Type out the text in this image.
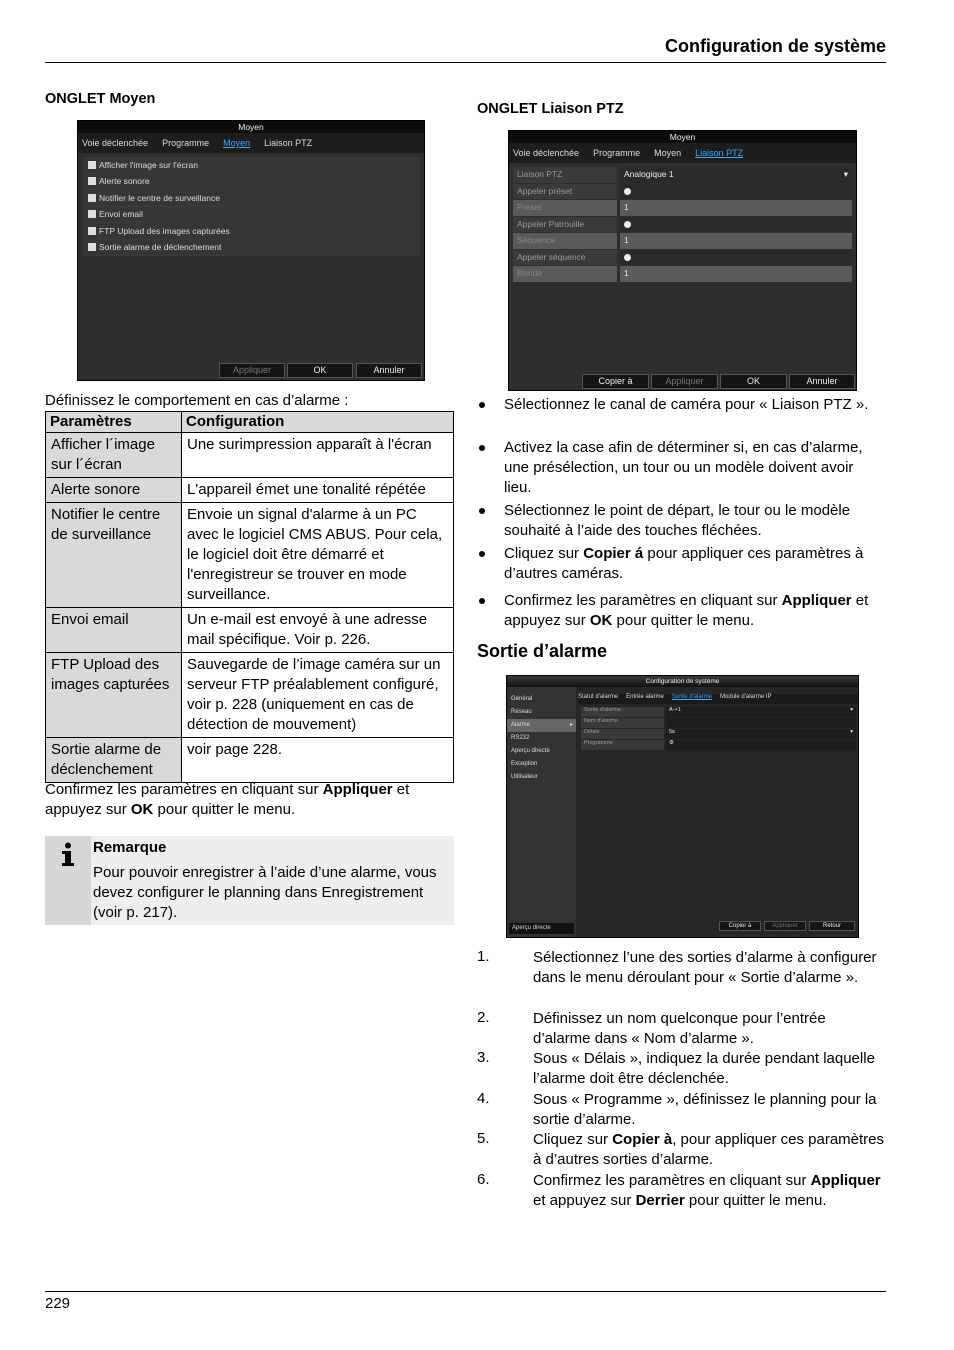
Configuration de système
ONGLET Moyen
Moyen
Voie déclenchée Programme Moyen Liaison PTZ
Afficher l'image sur l'écran
Alerte sonore
Notifier le centre de surveillance
Envoi email
FTP Upload des images capturées
Sortie alarme de déclenchement
Appliquer	OK	Annuler

Définissez le comportement en cas d’alarme :

Paramètres	Configuration
Afficher l´image sur l´écran	Une surimpression apparaît à l'écran
Alerte sonore	L'appareil émet une tonalité répétée
Notifier le centre de surveillance	Envoie un signal d'alarme à un PC avec le logiciel CMS ABUS. Pour cela, le logiciel doit être démarré et l'enregistreur se trouver en mode surveillance.
Envoi email	Un e-mail est envoyé à une adresse mail spécifique. Voir p. 226.
FTP Upload des images capturées	Sauvegarde de l’image caméra sur un serveur FTP préalablement configuré, voir p. 228 (uniquement en cas de détection de mouvement)
Sortie alarme de déclenchement	voir page 228.

Confirmez les paramètres en cliquant sur Appliquer et appuyez sur OK pour quitter le menu.

Remarque

Pour pouvoir enregistrer à l’aide d’une alarme, vous devez configurer le planning dans Enregistrement (voir p. 217).

ONGLET Liaison PTZ
Moyen
Voie déclenchée Programme Moyen Liaison PTZ
Liaison PTZ	Analogique 1	▾
Appeler préset
Préset	1
Appeler Patrouille
Séquence	1
Appeler séquence
Ronde	1
Copier à	Appliquer	OK	Annuler

Sélectionnez le canal de caméra pour « Liaison PTZ ».

Activez la case afin de déterminer si, en cas d’alarme, une présélection, un tour ou un modèle doivent avoir lieu.

Sélectionnez le point de départ, le tour ou le modèle souhaité à l’aide des touches fléchées.

Cliquez sur Copier á pour appliquer ces paramètres à d’autres caméras.

Confirmez les paramètres en cliquant sur Appliquer et appuyez sur OK pour quitter le menu.

Sortie d’alarme
Configuration de système
Général
Réseau
Alarme	▸
RS232
Aperçu directe
Exception
Utilisateur
Aperçu directe
Statut d'alarme Entrée alarme Sortie d'alarme Module d'alarme IP
Sortie d'alarme	A->1	▾
Nom d'alarme
Délais	5s	▾
Programme	⚙
Copier à	Appliquer	Retour
1.	Sélectionnez l’une des sorties d’alarme à configurer dans le menu déroulant pour « Sortie d’alarme ».

2.	Définissez un nom quelconque pour l’entrée d’alarme dans « Nom d’alarme ».

3.	Sous « Délais », indiquez la durée pendant laquelle l’alarme doit être déclenchée.

4.	Sous « Programme », définissez le planning pour la sortie d’alarme.

5.	Cliquez sur Copier à, pour appliquer ces paramètres à d’autres sorties d’alarme.

6.	Confirmez les paramètres en cliquant sur Appliquer et appuyez sur Derrier pour quitter le menu.

229
